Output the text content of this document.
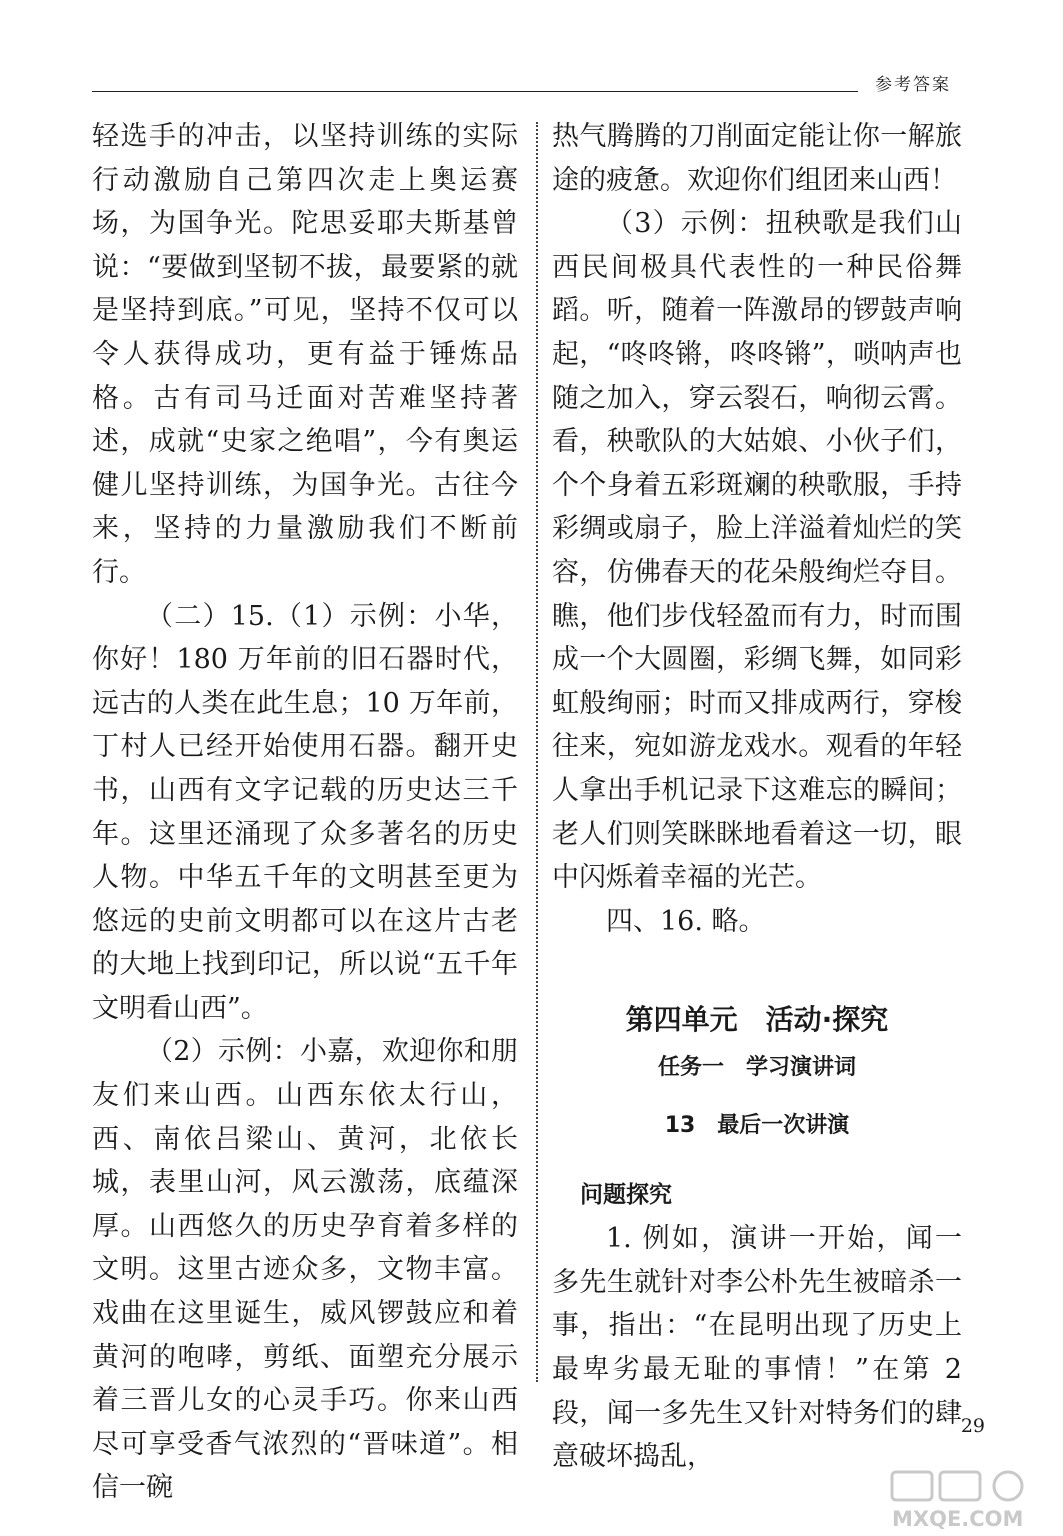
参考答案

轻选手的冲击，以坚持训练的实际行动激励自己第四次走上奥运赛场，为国争光。陀思妥耶夫斯基曾说：“要做到坚韧不拔，最要紧的就是坚持到底。”可见，坚持不仅可以令人获得成功，更有益于锤炼品格。古有司马迁面对苦难坚持著述，成就“史家之绝唱”，今有奥运健儿坚持训练，为国争光。古往今来，坚持的力量激励我们不断前行。

（二）15.（1）示例：小华，你好！180 万年前的旧石器时代，远古的人类在此生息；10 万年前，丁村人已经开始使用石器。翻开史书，山西有文字记载的历史达三千年。这里还涌现了众多著名的历史人物。中华五千年的文明甚至更为悠远的史前文明都可以在这片古老的大地上找到印记，所以说“五千年文明看山西”。

（2）示例：小嘉，欢迎你和朋友们来山西。山西东依太行山，西、南依吕梁山、黄河，北依长城，表里山河，风云激荡，底蕴深厚。山西悠久的历史孕育着多样的文明。这里古迹众多，文物丰富。戏曲在这里诞生，威风锣鼓应和着黄河的咆哮，剪纸、面塑充分展示着三晋儿女的心灵手巧。你来山西尽可享受香气浓烈的“晋味道”。相信一碗

热气腾腾的刀削面定能让你一解旅途的疲惫。欢迎你们组团来山西！

（3）示例：扭秧歌是我们山西民间极具代表性的一种民俗舞蹈。听，随着一阵激昂的锣鼓声响起，“咚咚锵，咚咚锵”，唢呐声也随之加入，穿云裂石，响彻云霄。看，秧歌队的大姑娘、小伙子们，个个身着五彩斑斓的秧歌服，手持彩绸或扇子，脸上洋溢着灿烂的笑容，仿佛春天的花朵般绚烂夺目。瞧，他们步伐轻盈而有力，时而围成一个大圆圈，彩绸飞舞，如同彩虹般绚丽；时而又排成两行，穿梭往来，宛如游龙戏水。观看的年轻人拿出手机记录下这难忘的瞬间；老人们则笑眯眯地看着这一切，眼中闪烁着幸福的光芒。

四、16. 略。

第四单元　活动·探究
任务一　学习演讲词
13　最后一次讲演
问题探究

1. 例如，演讲一开始，闻一多先生就针对李公朴先生被暗杀一事，指出：“在昆明出现了历史上最卑劣最无耻的事情！”在第 2 段，闻一多先生又针对特务们的肆意破坏捣乱，

29
MXQE.COM
